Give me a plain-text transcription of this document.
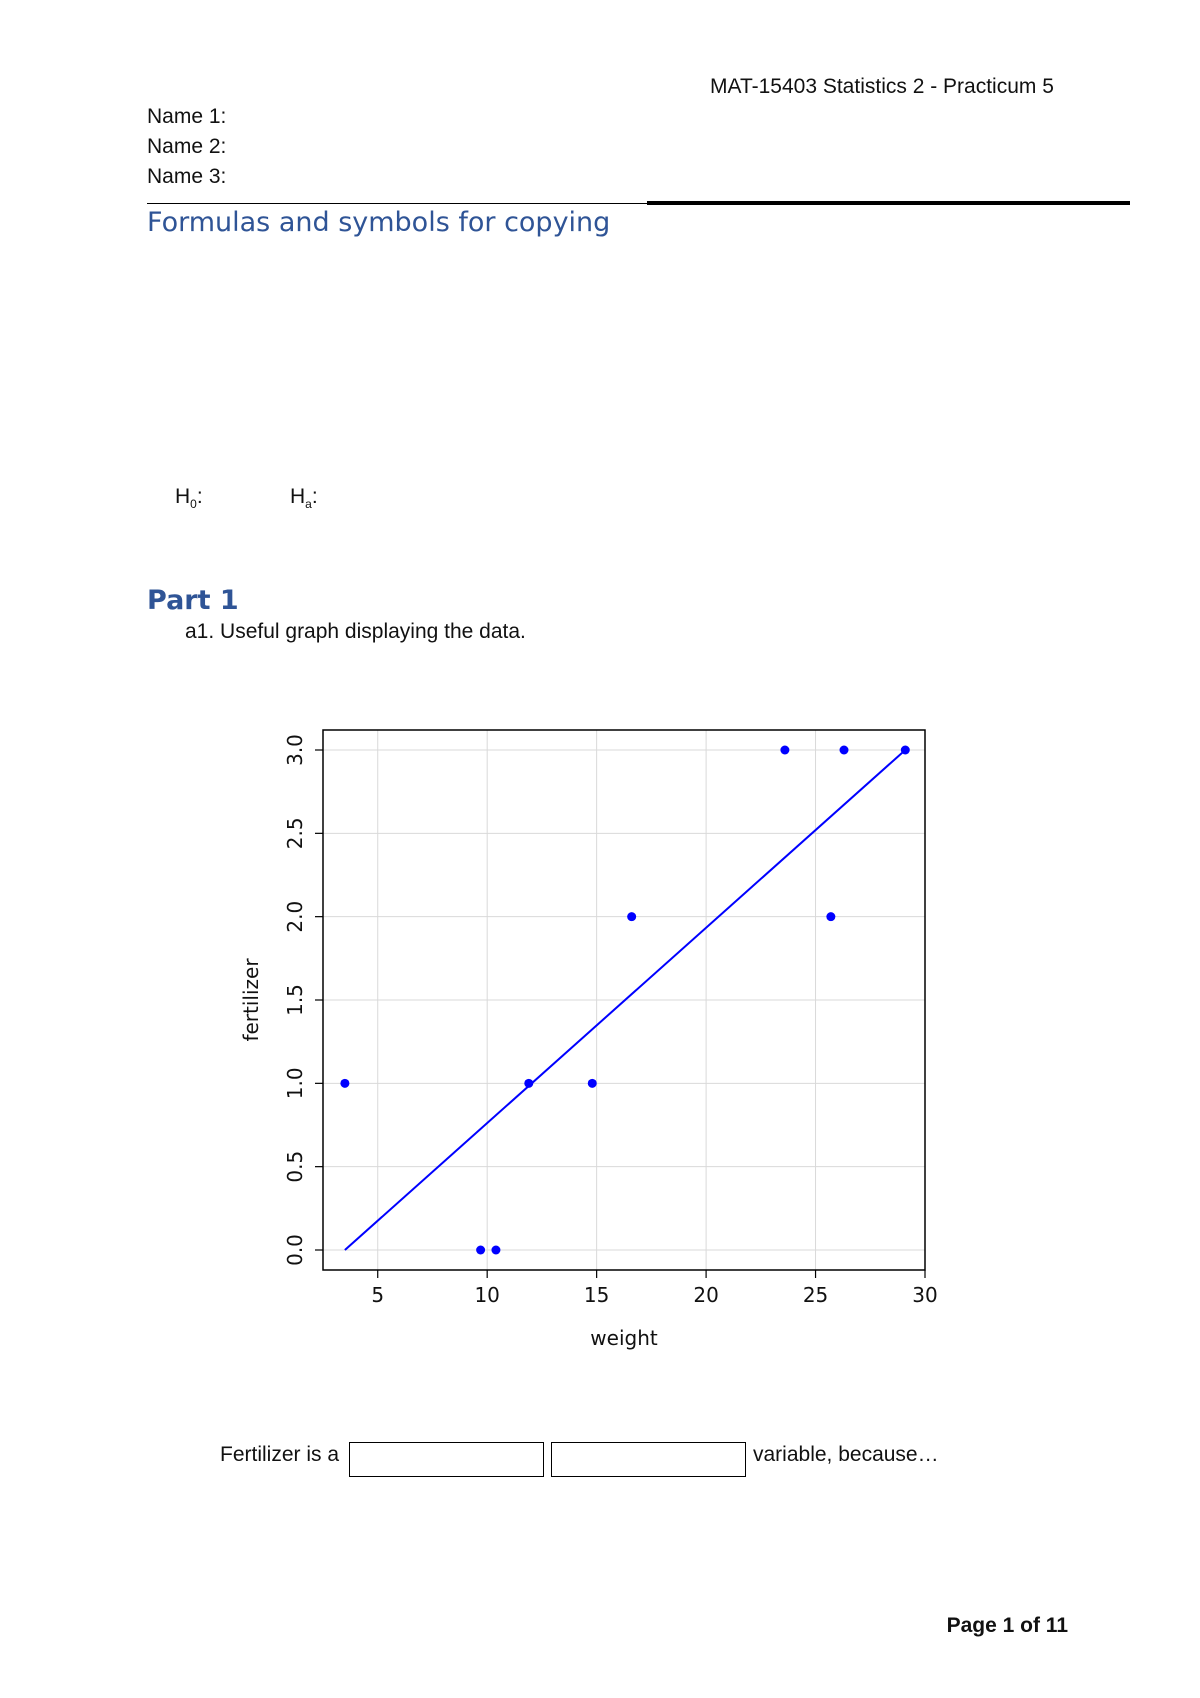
MAT-15403 Statistics 2 - Practicum 5
Name 1:
Name 2:
Name 3:
Formulas and symbols for copying
$H_0$:	$H_a$:
Part 1
a1. Useful graph displaying the data.
5	10	15	20	25	30
0.0
0.5
1.0
1.5
2.0
2.5
3.0
weight
fertilizer
Fertilizer is a	variable, because…
Page 1 of 11
